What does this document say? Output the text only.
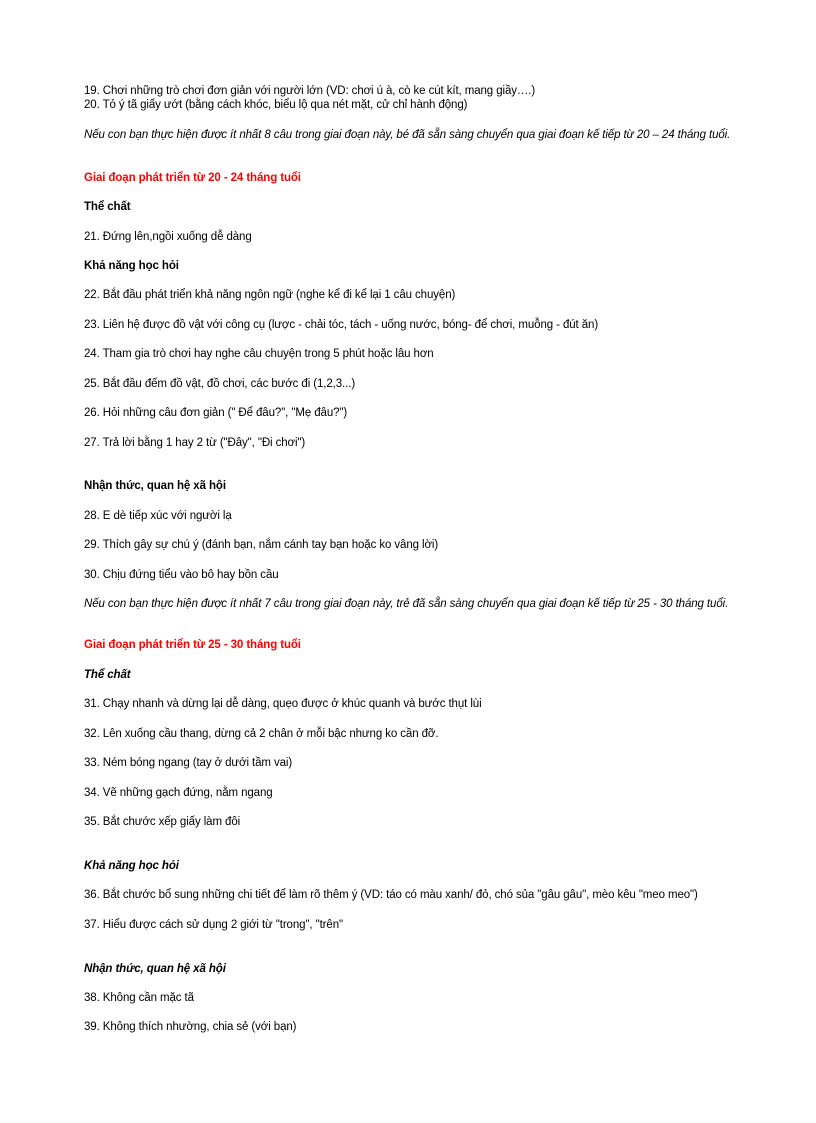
19. Chơi những trò chơi đơn giản với người lớn (VD: chơi ú à, cò ke cút kít, mang giầy….)
20. Tỏ ý tã giấy ướt (bằng cách khóc, biểu lộ qua nét mặt, cử chỉ hành động)

Nếu con bạn thực hiện được ít nhất 8 câu trong giai đoạn này, bé đã sẵn sàng chuyển qua giai đoạn kế tiếp từ 20 – 24 tháng tuổi.

Giai đoạn phát triển từ 20 - 24 tháng tuổi

Thể chất

21. Đứng lên,ngồi xuống dễ dàng

Khả năng học hỏi

22. Bắt đầu phát triển khả năng ngôn ngữ (nghe kể đi kể lại 1 câu chuyện)

23. Liên hệ được đồ vật với công cụ (lược - chải tóc, tách - uống nước, bóng- để chơi, muỗng - đút ăn)

24. Tham gia trò chơi hay nghe câu chuyện trong 5 phút hoặc lâu hơn

25. Bắt đầu đếm đồ vật, đồ chơi, các bước đi (1,2,3...)

26. Hỏi những câu đơn giản (" Để đâu?", "Mẹ đâu?")

27. Trả lời bằng 1 hay 2 từ ("Đây", "Đi chơi")

Nhận thức, quan hệ xã hội

28. E dè tiếp xúc với người lạ

29. Thích gây sự chú ý (đánh bạn, nắm cánh tay bạn hoặc ko vâng lời)

30. Chịu đứng tiểu vào bô hay bồn cầu

Nếu con bạn thực hiện được ít nhất 7 câu trong giai đoạn này, trẻ đã sẵn sàng chuyển qua giai đoạn kế tiếp từ 25 - 30 tháng tuổi.

Giai đoạn phát triển từ 25 - 30 tháng tuổi

Thể chất

31. Chạy nhanh và dừng lại dễ dàng, quẹo được ở khúc quanh và bước thụt lùi

32. Lên xuống cầu thang, dừng cả 2 chân ở mỗi bậc nhưng ko cần đỡ.

33. Ném bóng ngang (tay ở dưới tầm vai)

34. Vẽ những gạch đứng, nằm ngang

35. Bắt chước xếp giấy làm đôi

Khả năng học hỏi

36. Bắt chước bổ sung những chi tiết để làm rõ thêm ý (VD: táo có màu xanh/ đỏ, chó sủa "gâu gâu", mèo kêu "meo meo")

37. Hiểu được cách sử dụng 2 giới từ "trong", "trên"

Nhận thức, quan hệ xã hội

38. Không cần mặc tã

39. Không thích nhường, chia sẻ (với bạn)
